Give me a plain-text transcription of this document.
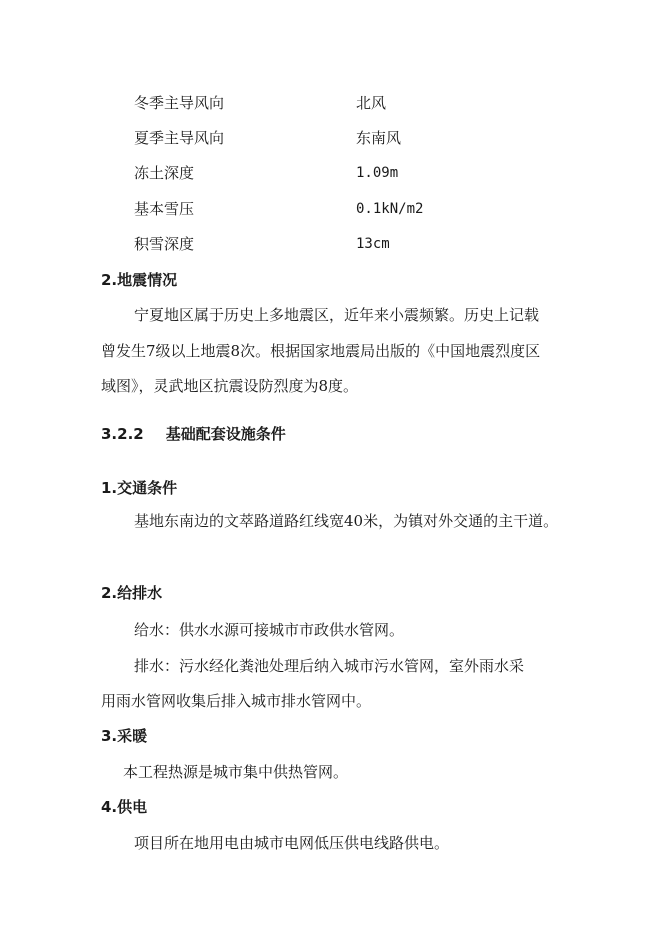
冬季主导风向	北风
夏季主导风向	东南风
冻土深度	1.09m
基本雪压	0.1kN/m2
积雪深度	13cm
2.地震情况
宁夏地区属于历史上多地震区，近年来小震频繁。历史上记载
曾发生7级以上地震8次。根据国家地震局出版的《中国地震烈度区
域图》，灵武地区抗震设防烈度为8度。
3.2.2 基础配套设施条件
1.交通条件
基地东南边的文萃路道路红线宽40米，为镇对外交通的主干道。
2.给排水
给水：供水水源可接城市市政供水管网。
排水：污水经化粪池处理后纳入城市污水管网，室外雨水采
用雨水管网收集后排入城市排水管网中。
3.采暖
本工程热源是城市集中供热管网。
4.供电
项目所在地用电由城市电网低压供电线路供电。
